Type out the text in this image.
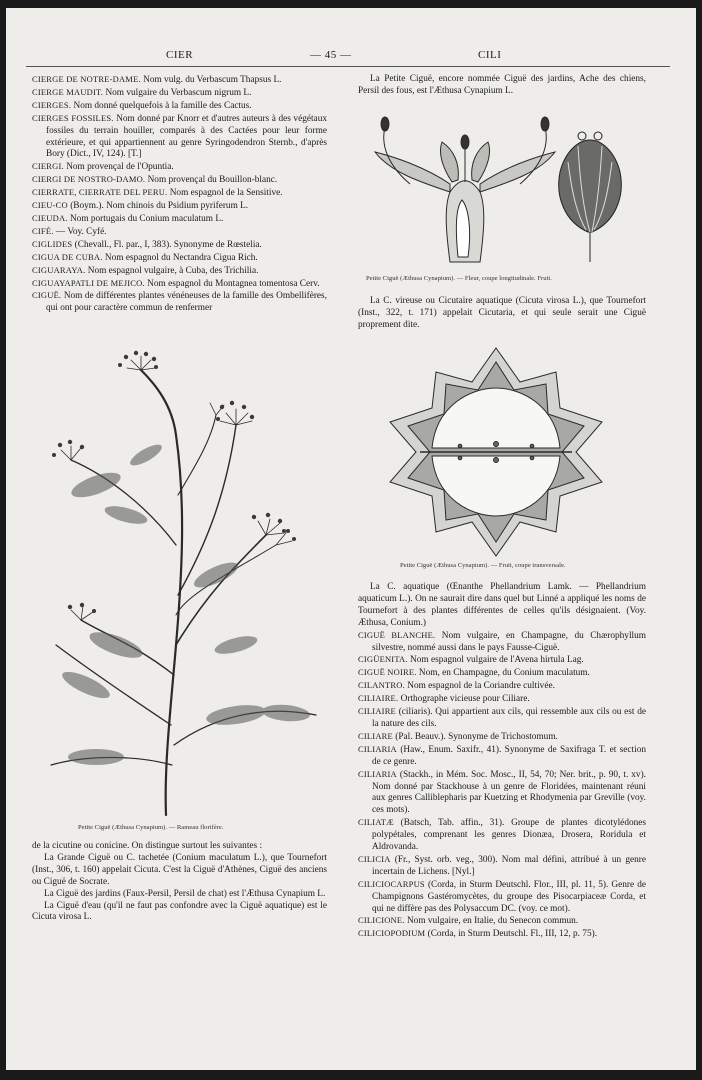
CIER	— 45 —	CILI

CIERGE DE NOTRE-DAME. Nom vulg. du Verbascum Thapsus L.

CIERGE MAUDIT. Nom vulgaire du Verbascum nigrum L.

CIERGES. Nom donné quelquefois à la famille des Cactus.

CIERGES FOSSILES. Nom donné par Knorr et d'autres auteurs à des végétaux fossiles du terrain houiller, comparés à des Cactées pour leur forme extérieure, et qui appartiennent au genre Syringodendron Sternb., d'après Bory (Dict., IV, 124). [T.]

CIERGI. Nom provençal de l'Opuntia.

CIERGI DE NOSTRO-DAMO. Nom provençal du Bouillon-blanc.

CIERRATE, CIERRATE DEL PERU. Nom espagnol de la Sensitive.

CIEU-CO (Boym.). Nom chinois du Psidium pyriferum L.

CIEUDA. Nom portugais du Conium maculatum L.

CIFÉ. — Voy. Cyfé.

CIGLIDES (Chevall., Fl. par., I, 383). Synonyme de Rœstelia.

CIGUA DE CUBA. Nom espagnol du Nectandra Cigua Rich.

CIGUARAYA. Nom espagnol vulgaire, à Cuba, des Trichilia.

CIGUAYAPATLI DE MEJICO. Nom espagnol du Montagnea tomentosa Cerv.

CIGUË. Nom de différentes plantes vénéneuses de la famille des Ombellifères, qui ont pour caractère commun de renfermer

de la cicutine ou conicine. On distingue surtout les suivantes :

La Grande Ciguë ou C. tachetée (Conium maculatum L.), que Tournefort (Inst., 306, t. 160) appelait Cicuta. C'est la Ciguë d'Athènes, Ciguë des anciens ou Ciguë de Socrate.

La Ciguë des jardins (Faux-Persil, Persil de chat) est l'Æthusa Cynapium L.

La Ciguë d'eau (qu'il ne faut pas confondre avec la Ciguë aquatique) est le Cicuta virosa L.

La Petite Ciguë, encore nommée Ciguë des jardins, Ache des chiens, Persil des fous, est l'Æthusa Cynapium L.

La C. vireuse ou Cicutaire aquatique (Cicuta virosa L.), que Tournefort (Inst., 322, t. 171) appelait Cicutaria, et qui seule serait une Ciguë proprement dite.

La C. aquatique (Œnanthe Phellandrium Lamk. — Phellandrium aquaticum L.). On ne saurait dire dans quel but Linné a appliqué les noms de Tournefort à des plantes différentes de celles qu'ils désignaient. (Voy. Æthusa, Conium.)

CIGUË BLANCHE. Nom vulgaire, en Champagne, du Chærophyllum silvestre, nommé aussi dans le pays Fausse-Ciguë.

CIGÜENITA. Nom espagnol vulgaire de l'Avena hirtula Lag.

CIGUË NOIRE. Nom, en Champagne, du Conium maculatum.

CILANTRO. Nom espagnol de la Coriandre cultivée.

CILIAIRE. Orthographe vicieuse pour Ciliare.

CILIAIRE (ciliaris). Qui appartient aux cils, qui ressemble aux cils ou est de la nature des cils.

CILIARE (Pal. Beauv.). Synonyme de Trichostomum.

CILIARIA (Haw., Enum. Saxifr., 41). Synonyme de Saxifraga T. et section de ce genre.

CILIARIA (Stackh., in Mém. Soc. Mosc., II, 54, 70; Ner. brit., p. 90, t. xv). Nom donné par Stackhouse à un genre de Floridées, maintenant réuni aux genres Calliblepharis par Kuetzing et Rhodymenia par Greville (voy. ces mots).

CILIATÆ (Batsch, Tab. affin., 31). Groupe de plantes dicotylédones polypétales, comprenant les genres Dionæa, Drosera, Roridula et Aldrovanda.

CILICIA (Fr., Syst. orb. veg., 300). Nom mal défini, attribué à un genre incertain de Lichens. [Nyl.]

CILICIOCARPUS (Corda, in Sturm Deutschl. Flor., III, pl. 11, 5). Genre de Champignons Gastéromycètes, du groupe des Pisocarpiaceæ Corda, et qui ne diffère pas des Polysaccum DC. (voy. ce mot).

CILICIONE. Nom vulgaire, en Italie, du Senecon commun.

CILICIOPODIUM (Corda, in Sturm Deutschl. Fl., III, 12, p. 75).

Petite Ciguë (Æthusa Cynapium). — Rameau florifère.
Petite Ciguë (Æthusa Cynapium). — Fleur, coupe longitudinale. Fruit.
Petite Ciguë (Æthusa Cynapium). — Fruit, coupe transversale.
